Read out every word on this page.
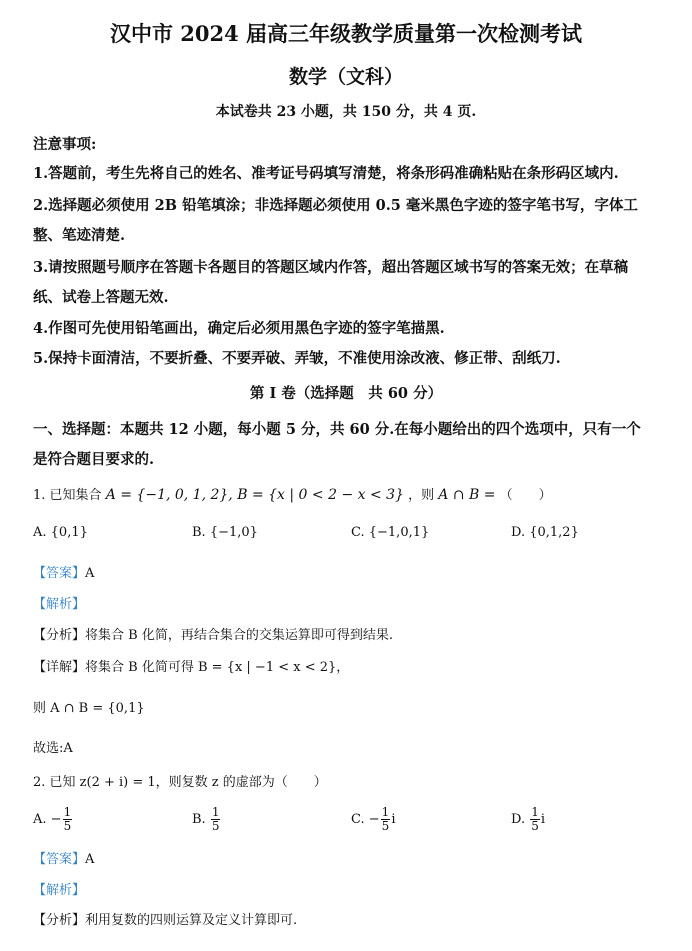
汉中市 2024 届高三年级教学质量第一次检测考试
数学（文科）
本试卷共 23 小题，共 150 分，共 4 页.
注意事项:
1.答题前，考生先将自己的姓名、准考证号码填写清楚，将条形码准确粘贴在条形码区域内.
2.选择题必须使用 2B 铅笔填涂；非选择题必须使用 0.5 毫米黑色字迹的签字笔书写，字体工
整、笔迹清楚.
3.请按照题号顺序在答题卡各题目的答题区域内作答，超出答题区域书写的答案无效；在草稿
纸、试卷上答题无效.
4.作图可先使用铅笔画出，确定后必须用黑色字迹的签字笔描黑.
5.保持卡面清洁，不要折叠、不要弄破、弄皱，不准使用涂改液、修正带、刮纸刀.
第 I 卷（选择题　共 60 分）
一、选择题：本题共 12 小题，每小题 5 分，共 60 分.在每小题给出的四个选项中，只有一个
是符合题目要求的.
1. 已知集合 A = {−1, 0, 1, 2}, B = {x | 0 < 2 − x < 3} ，则 A ∩ B = （　　）
A. {0,1}	B. {−1,0}	C. {−1,0,1}	D. {0,1,2}
【答案】A
【解析】
【分析】将集合 B 化简，再结合集合的交集运算即可得到结果.
【详解】将集合 B 化简可得 B = {x | −1 < x < 2}，
则 A ∩ B = {0,1}
故选:A
2. 已知 z(2 + i) = 1，则复数 z 的虚部为（　　）
A. − $\frac{1}{5}$	B. $\frac{1}{5}$	C. − $\frac{1}{5}$ i	D. $\frac{1}{5}$ i
【答案】A
【解析】
【分析】利用复数的四则运算及定义计算即可.
